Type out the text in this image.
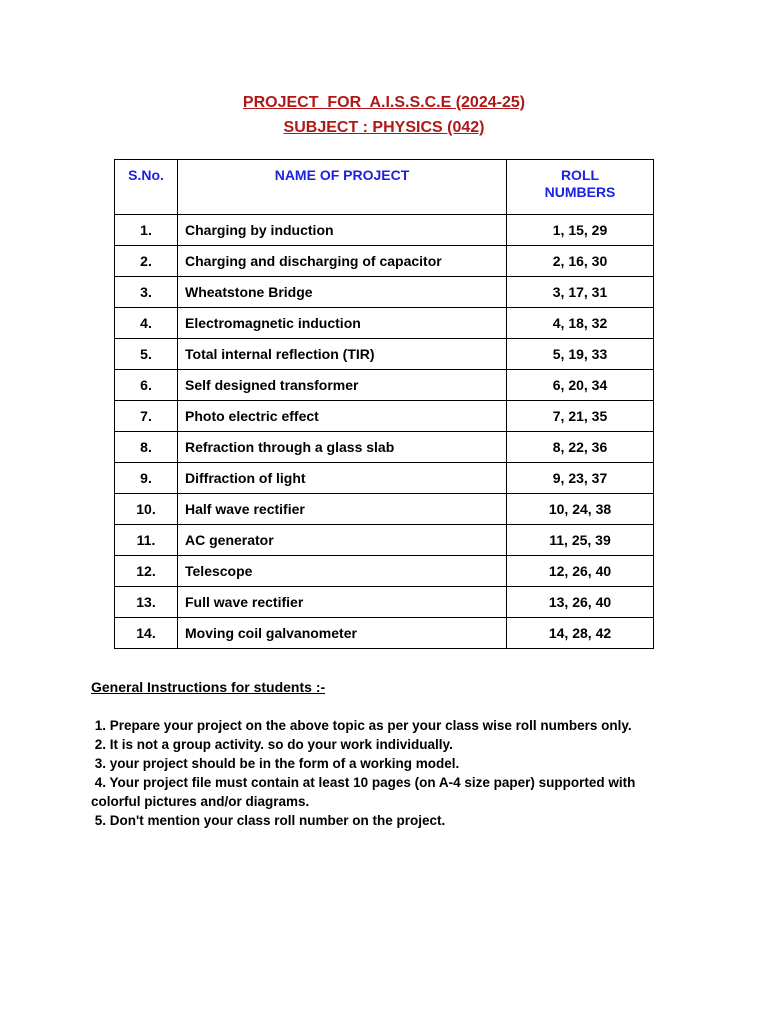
PROJECT  FOR  A.I.S.S.C.E (2024-25)
SUBJECT : PHYSICS (042)
S.No.	NAME OF PROJECT	ROLL
NUMBERS
1.	Charging by induction	1, 15, 29
2.	Charging and discharging of capacitor	2, 16, 30
3.	Wheatstone Bridge	3, 17, 31
4.	Electromagnetic induction	4, 18, 32
5.	Total internal reflection (TIR)	5, 19, 33
6.	Self designed transformer	6, 20, 34
7.	Photo electric effect	7, 21, 35
8.	Refraction through a glass slab	8, 22, 36
9.	Diffraction of light	9, 23, 37
10.	Half wave rectifier	10, 24, 38
11.	AC generator	11, 25, 39
12.	Telescope	12, 26, 40
13.	Full wave rectifier	13, 26, 40
14.	Moving coil galvanometer	14, 28, 42
General Instructions for students :-

1. Prepare your project on the above topic as per your class wise roll numbers only.

2. It is not a group activity. so do your work individually.

3. your project should be in the form of a working model.

4. Your project file must contain at least 10 pages (on A-4 size paper) supported with colorful pictures and/or diagrams.

5. Don't mention your class roll number on the project.
